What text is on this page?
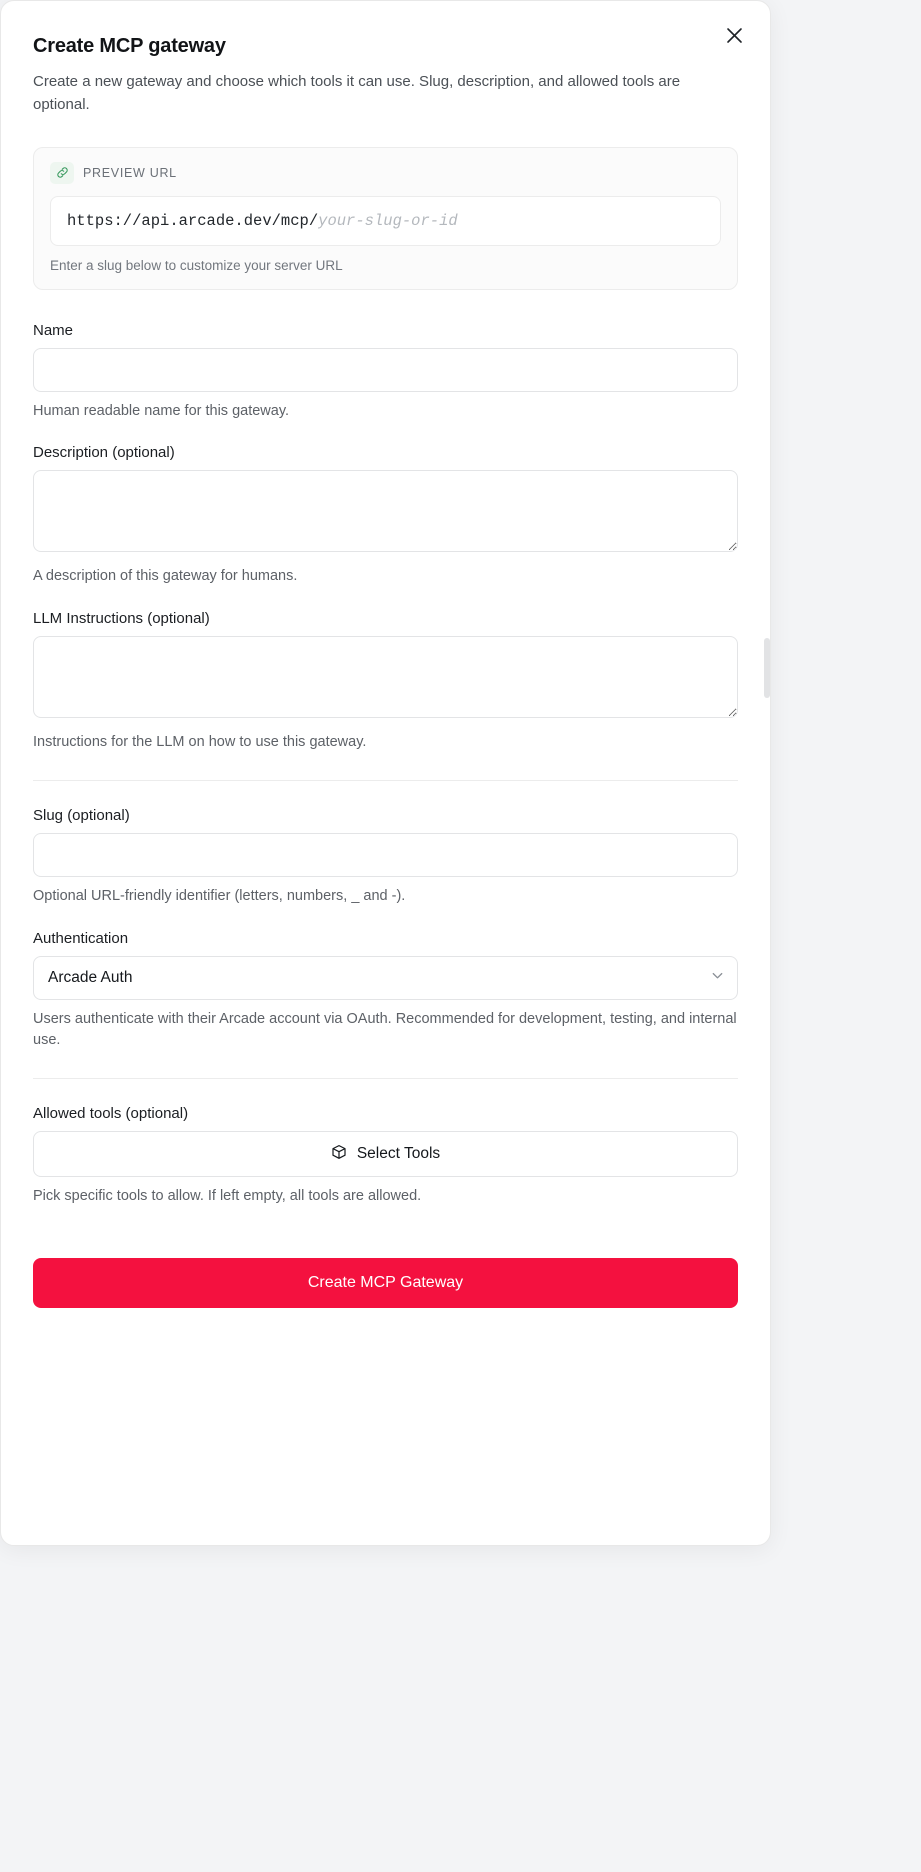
Create MCP gateway

Create a new gateway and choose which tools it can use. Slug, description, and allowed tools are optional.

PREVIEW URL
https://api.arcade.dev/mcp/your-slug-or-id
Enter a slug below to customize your server URL
Name

Human readable name for this gateway.

Description (optional)

A description of this gateway for humans.

LLM Instructions (optional)

Instructions for the LLM on how to use this gateway.

Slug (optional)

Optional URL-friendly identifier (letters, numbers, _ and -).

Authentication
Arcade Auth

Users authenticate with their Arcade account via OAuth. Recommended for development, testing, and internal use.

Allowed tools (optional)
Select Tools

Pick specific tools to allow. If left empty, all tools are allowed.

Create MCP Gateway
